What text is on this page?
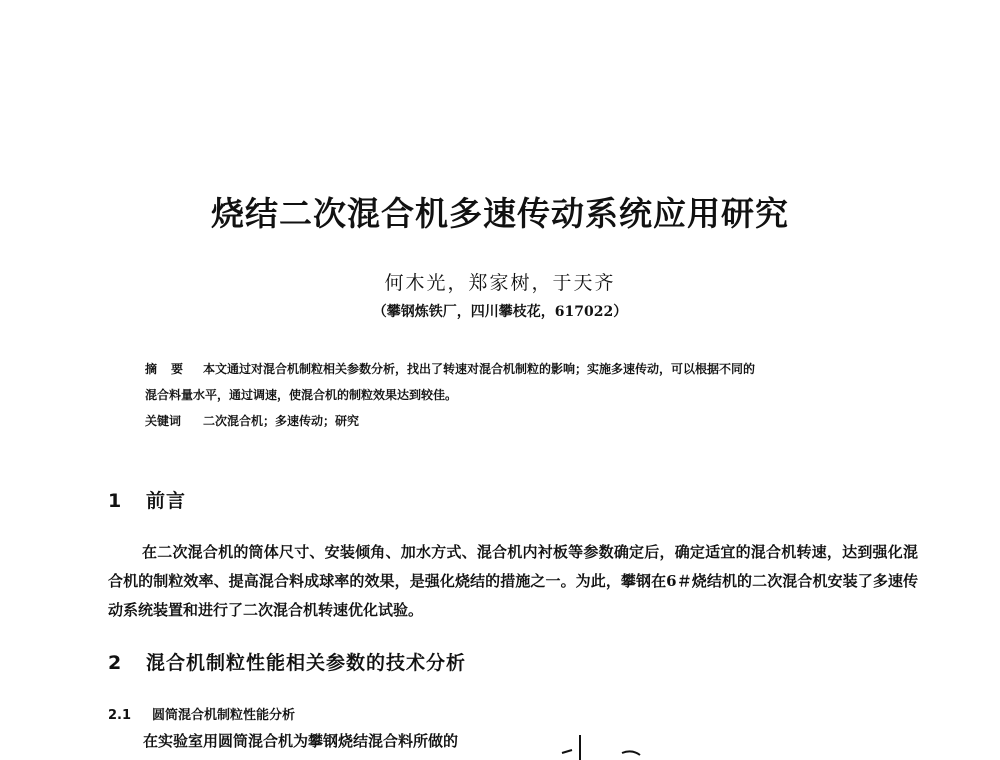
烧结二次混合机多速传动系统应用研究
何木光，郑家树，于天齐
（攀钢炼铁厂，四川攀枝花，617022）
摘要 本文通过对混合机制粒相关参数分析，找出了转速对混合机制粒的影响；实施多速传动，可以根据不同的
混合料量水平，通过调速，使混合机的制粒效果达到较佳。
关键词 二次混合机；多速传动；研究
1 前言
在二次混合机的筒体尺寸、安装倾角、加水方式、混合机内衬板等参数确定后，确定适宜的混合机转速，达到强化混合机的制粒效率、提高混合料成球率的效果，是强化烧结的措施之一。为此，攀钢在6＃烧结机的二次混合机安装了多速传动系统装置和进行了二次混合机转速优化试验。
2 混合机制粒性能相关参数的技术分析
2.1 圆筒混合机制粒性能分析
在实验室用圆筒混合机为攀钢烧结混合料所做的
